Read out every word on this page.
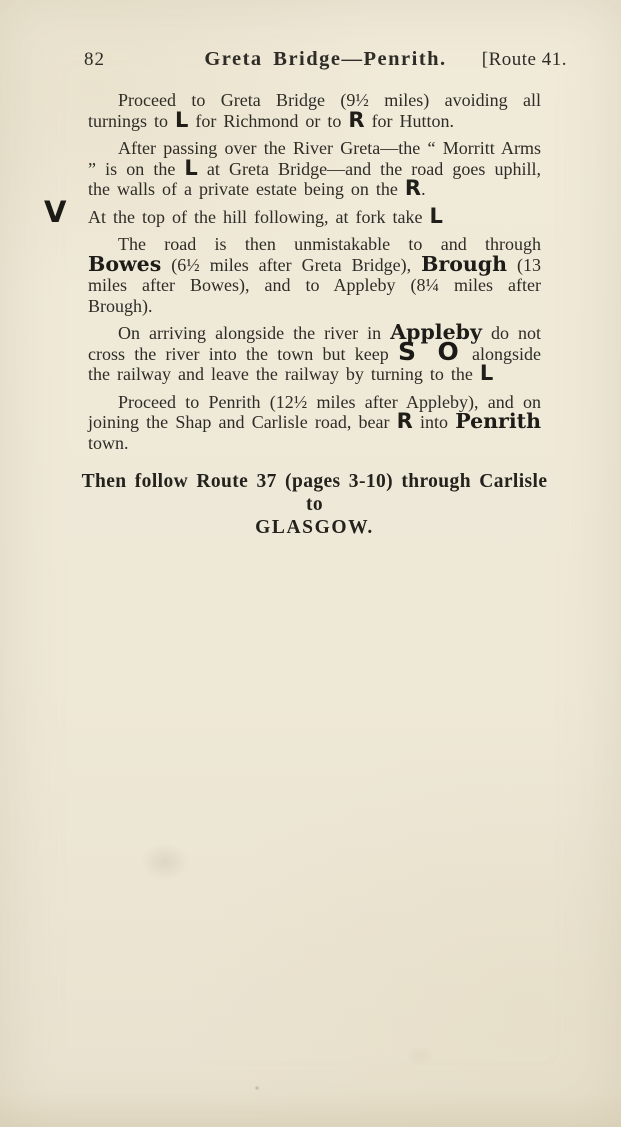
82	Greta Bridge—Penrith. [Route 41.

Proceed to Greta Bridge (9½ miles) avoiding all turnings to L for Richmond or to R for Hutton.

After passing over the River Greta—the “ Morritt Arms ” is on the L at Greta Bridge—and the road goes uphill, the walls of a private estate being on the R.

V At the top of the hill following, at fork take L

The road is then unmistakable to and through Bowes (6½ miles after Greta Bridge), Brough (13 miles after Bowes), and to Appleby (8¼ miles after Brough).

On arriving alongside the river in Appleby do not cross the river into the town but keep S O alongside the railway and leave the railway by turning to the L

Proceed to Penrith (12½ miles after Appleby), and on joining the Shap and Carlisle road, bear R into Penrith town.

Then follow Route 37 (pages 3-10) through Carlisle to
GLASGOW.
